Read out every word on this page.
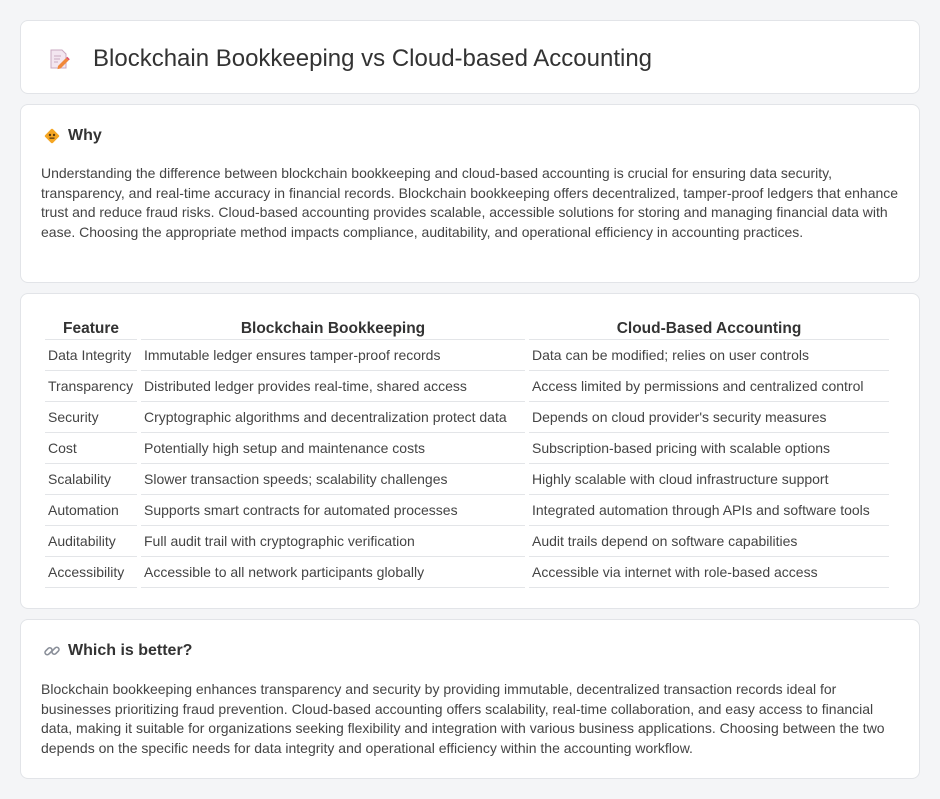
Blockchain Bookkeeping vs Cloud-based Accounting
Why

Understanding the difference between blockchain bookkeeping and cloud-based accounting is crucial for ensuring data security, transparency, and real-time accuracy in financial records. Blockchain bookkeeping offers decentralized, tamper-proof ledgers that enhance trust and reduce fraud risks. Cloud-based accounting provides scalable, accessible solutions for storing and managing financial data with ease. Choosing the appropriate method impacts compliance, auditability, and operational efficiency in accounting practices.

Feature	Blockchain Bookkeeping	Cloud-Based Accounting
Data Integrity	Immutable ledger ensures tamper-proof records	Data can be modified; relies on user controls
Transparency	Distributed ledger provides real-time, shared access	Access limited by permissions and centralized control
Security	Cryptographic algorithms and decentralization protect data	Depends on cloud provider's security measures
Cost	Potentially high setup and maintenance costs	Subscription-based pricing with scalable options
Scalability	Slower transaction speeds; scalability challenges	Highly scalable with cloud infrastructure support
Automation	Supports smart contracts for automated processes	Integrated automation through APIs and software tools
Auditability	Full audit trail with cryptographic verification	Audit trails depend on software capabilities
Accessibility	Accessible to all network participants globally	Accessible via internet with role-based access
Which is better?

Blockchain bookkeeping enhances transparency and security by providing immutable, decentralized transaction records ideal for businesses prioritizing fraud prevention. Cloud-based accounting offers scalability, real-time collaboration, and easy access to financial data, making it suitable for organizations seeking flexibility and integration with various business applications. Choosing between the two depends on the specific needs for data integrity and operational efficiency within the accounting workflow.
